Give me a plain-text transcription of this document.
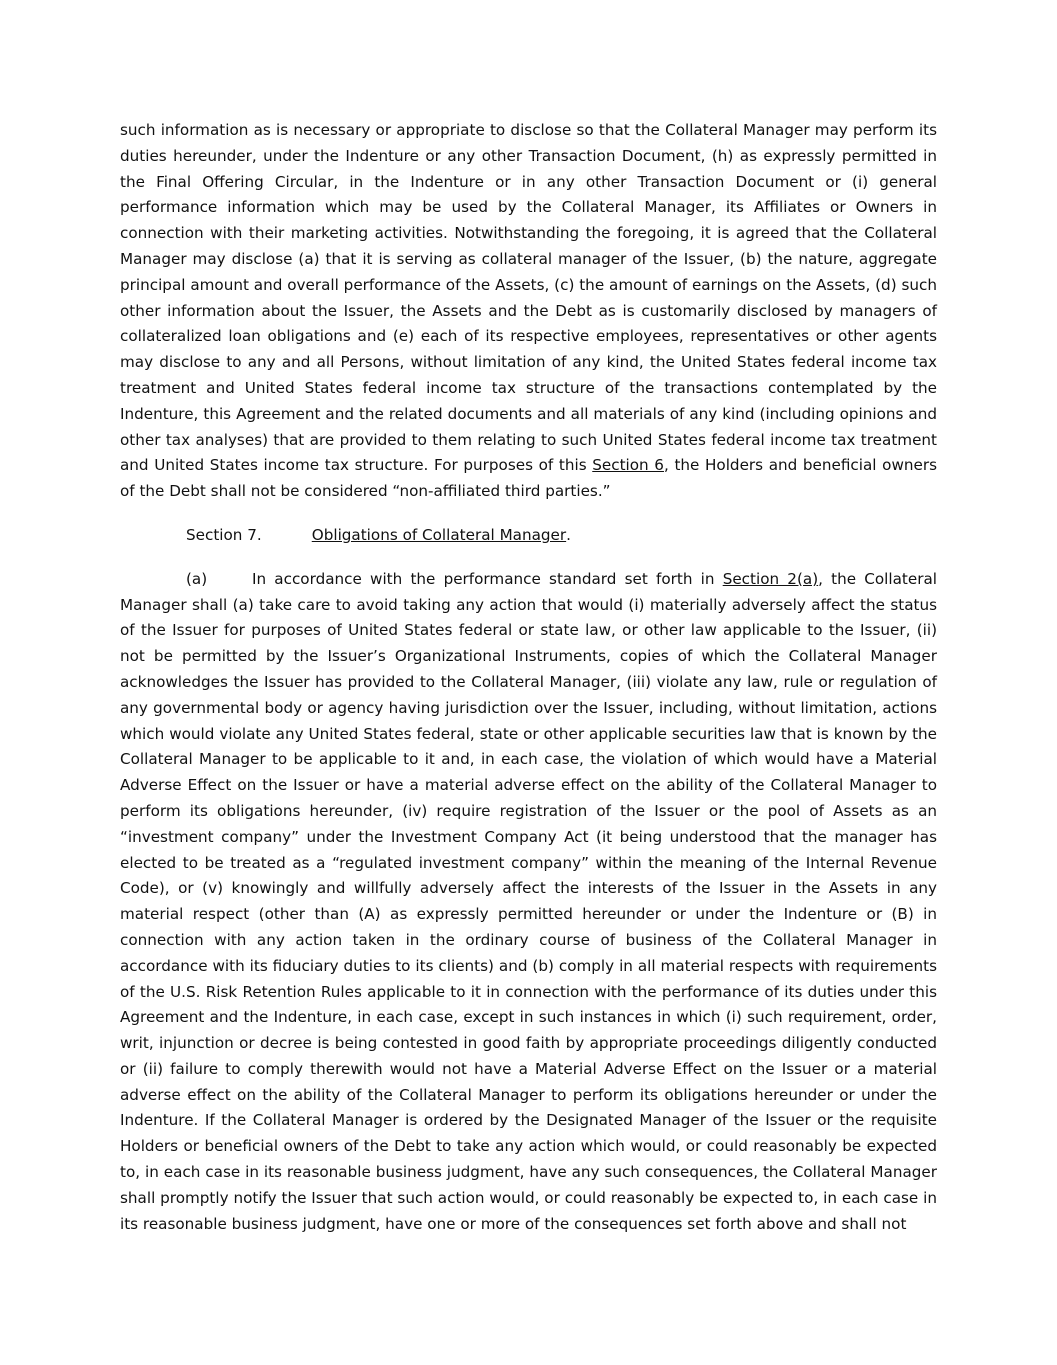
such information as is necessary or appropriate to disclose so that the Collateral Manager may perform its duties hereunder, under the Indenture or any other Transaction Document, (h) as expressly permitted in the Final Offering Circular, in the Indenture or in any other Transaction Document or (i) general performance information which may be used by the Collateral Manager, its Affiliates or Owners in connection with their marketing activities. Notwithstanding the foregoing, it is agreed that the Collateral Manager may disclose (a) that it is serving as collateral manager of the Issuer, (b) the nature, aggregate principal amount and overall performance of the Assets, (c) the amount of earnings on the Assets, (d) such other information about the Issuer, the Assets and the Debt as is customarily disclosed by managers of collateralized loan obligations and (e) each of its respective employees, representatives or other agents may disclose to any and all Persons, without limitation of any kind, the United States federal income tax treatment and United States federal income tax structure of the transactions contemplated by the Indenture, this Agreement and the related documents and all materials of any kind (including opinions and other tax analyses) that are provided to them relating to such United States federal income tax treatment and United States income tax structure. For purposes of this Section 6, the Holders and beneficial owners of the Debt shall not be considered “non-affiliated third parties.”

Section 7.	Obligations of Collateral Manager.

(a)	In accordance with the performance standard set forth in Section 2(a), the Collateral Manager shall (a) take care to avoid taking any action that would (i) materially adversely affect the status of the Issuer for purposes of United States federal or state law, or other law applicable to the Issuer, (ii) not be permitted by the Issuer’s Organizational Instruments, copies of which the Collateral Manager acknowledges the Issuer has provided to the Collateral Manager, (iii) violate any law, rule or regulation of any governmental body or agency having jurisdiction over the Issuer, including, without limitation, actions which would violate any United States federal, state or other applicable securities law that is known by the Collateral Manager to be applicable to it and, in each case, the violation of which would have a Material Adverse Effect on the Issuer or have a material adverse effect on the ability of the Collateral Manager to perform its obligations hereunder, (iv) require registration of the Issuer or the pool of Assets as an “investment company” under the Investment Company Act (it being understood that the manager has elected to be treated as a “regulated investment company” within the meaning of the Internal Revenue Code), or (v) knowingly and willfully adversely affect the interests of the Issuer in the Assets in any material respect (other than (A) as expressly permitted hereunder or under the Indenture or (B) in connection with any action taken in the ordinary course of business of the Collateral Manager in accordance with its fiduciary duties to its clients) and (b) comply in all material respects with requirements of the U.S. Risk Retention Rules applicable to it in connection with the performance of its duties under this Agreement and the Indenture, in each case, except in such instances in which (i) such requirement, order, writ, injunction or decree is being contested in good faith by appropriate proceedings diligently conducted or (ii) failure to comply therewith would not have a Material Adverse Effect on the Issuer or a material adverse effect on the ability of the Collateral Manager to perform its obligations hereunder or under the Indenture. If the Collateral Manager is ordered by the Designated Manager of the Issuer or the requisite Holders or beneficial owners of the Debt to take any action which would, or could reasonably be expected to, in each case in its reasonable business judgment, have any such consequences, the Collateral Manager shall promptly notify the Issuer that such action would, or could reasonably be expected to, in each case in its reasonable business judgment, have one or more of the consequences set forth above and shall not
